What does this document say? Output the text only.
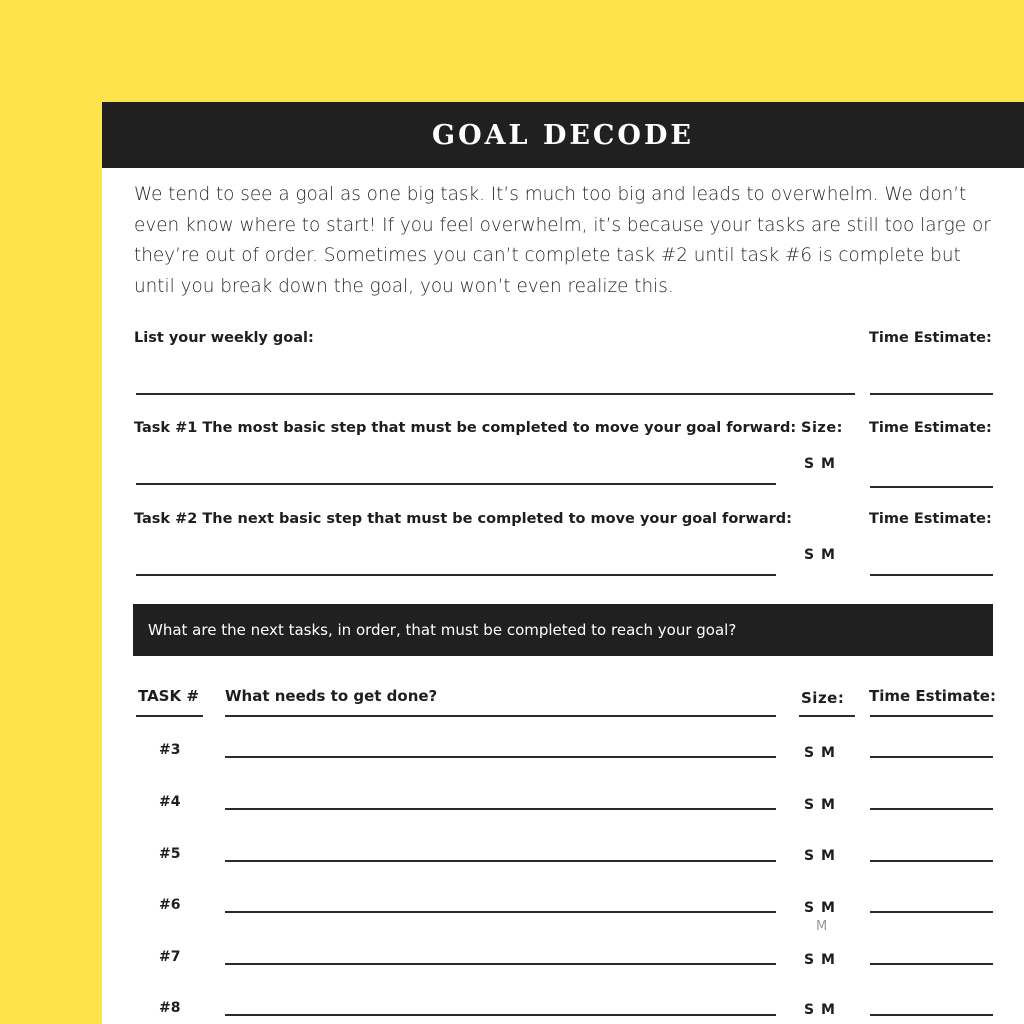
GOAL DECODE

We tend to see a goal as one big task. It’s much too big and leads to overwhelm. We don’t even know where to start! If you feel overwhelm, it’s because your tasks are still too large or they’re out of order. Sometimes you can’t complete task #2 until task #6 is complete but until you break down the goal, you won’t even realize this.

List your weekly goal:	Time Estimate:
Task #1 The most basic step that must be completed to move your goal forward: Size: Time Estimate:
S M
Task #2 The next basic step that must be completed to move your goal forward:	Time Estimate:
S M
What are the next tasks, in order, that must be completed to reach your goal?
TASK # What needs to get done?	Size: Time Estimate:
#3	S M
#4	S M
#5	S M
#6	S M
M
#7	S M
#8	S M
